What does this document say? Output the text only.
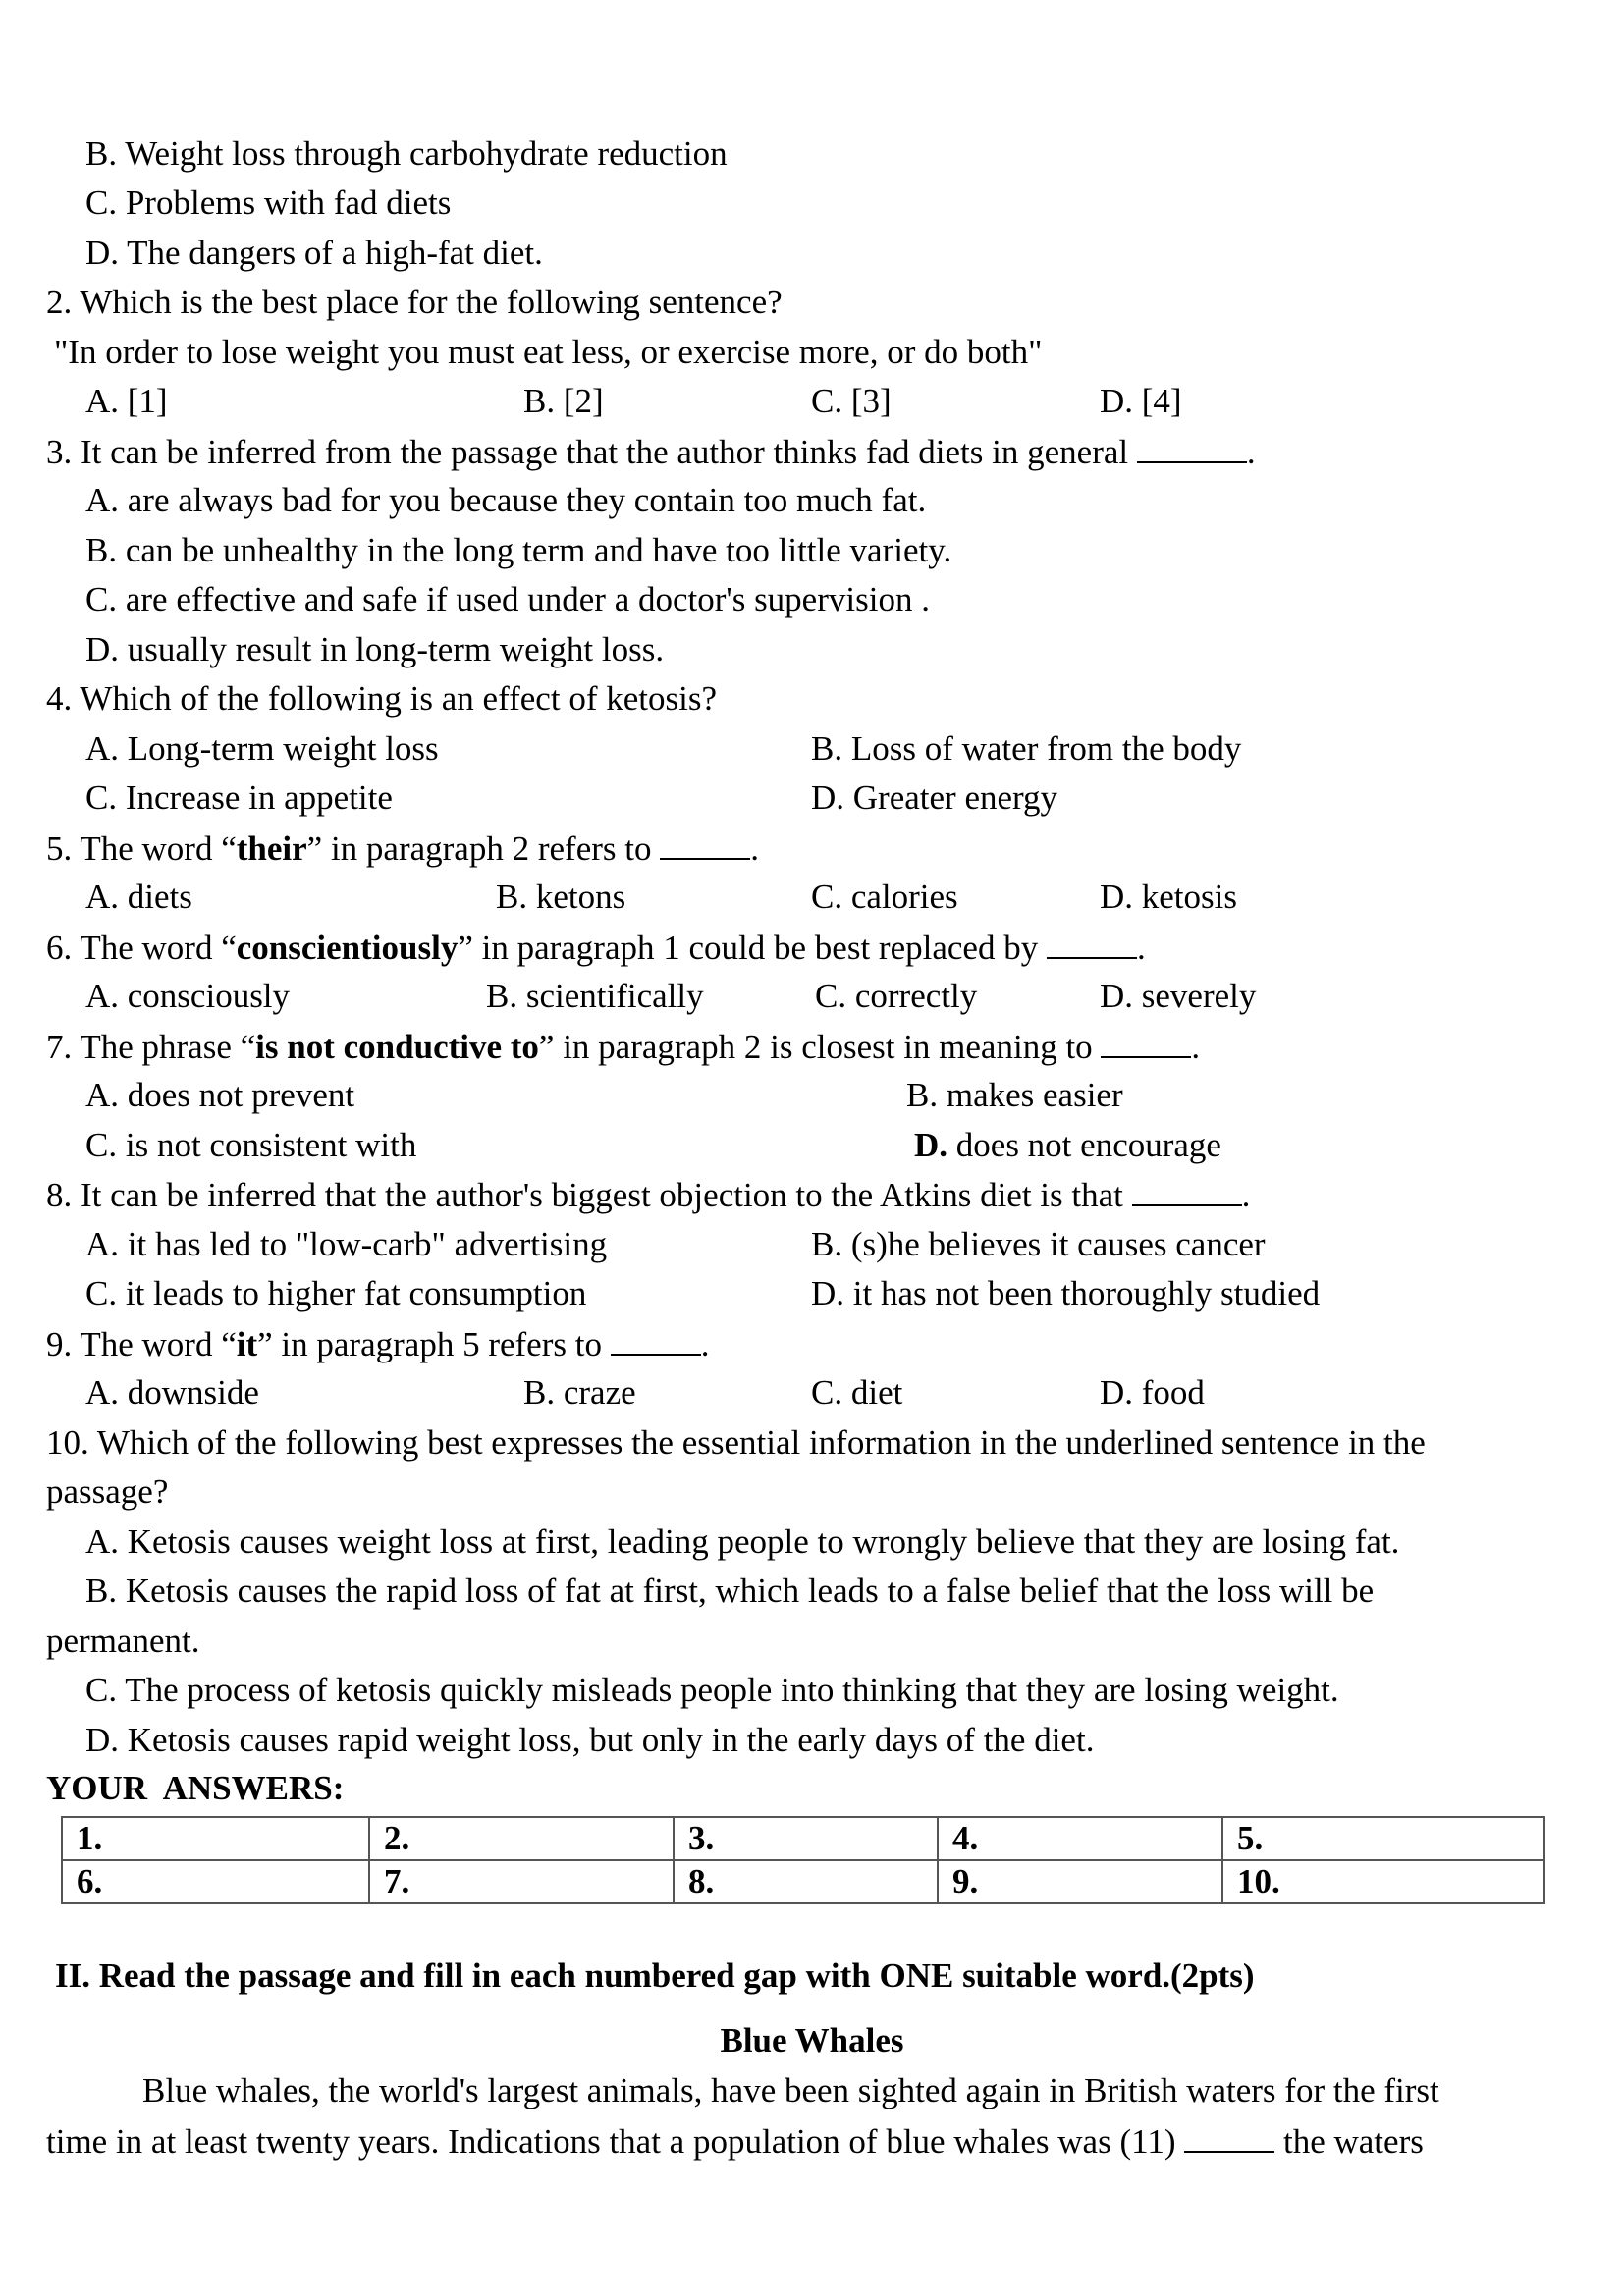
B. Weight loss through carbohydrate reduction
C. Problems with fad diets
D. The dangers of a high-fat diet.
2. Which is the best place for the following sentence?
"In order to lose weight you must eat less, or exercise more, or do both"
A. [1]	B. [2]	C. [3]	D. [4]
3. It can be inferred from the passage that the author thinks fad diets in general	.
A. are always bad for you because they contain too much fat.
B. can be unhealthy in the long term and have too little variety.
C. are effective and safe if used under a doctor's supervision .
D. usually result in long-term weight loss.
4. Which of the following is an effect of ketosis?
A. Long-term weight loss	B. Loss of water from the body
C. Increase in appetite	D. Greater energy
5. The word “their” in paragraph 2 refers to	.
A. diets	B. ketons	C. calories	D. ketosis
6. The word “conscientiously” in paragraph 1 could be best replaced by	.
A. consciously	B. scientifically	C. correctly	D. severely
7. The phrase “is not conductive to” in paragraph 2 is closest in meaning to	.
A. does not prevent	B. makes easier
C. is not consistent with	D. does not encourage
8. It can be inferred that the author's biggest objection to the Atkins diet is that	.
A. it has led to "low-carb" advertising	B. (s)he believes it causes cancer
C. it leads to higher fat consumption	D. it has not been thoroughly studied
9. The word “it” in paragraph 5 refers to	.
A. downside	B. craze	C. diet	D. food
10. Which of the following best expresses the essential information in the underlined sentence in the
passage?
A. Ketosis causes weight loss at first, leading people to wrongly believe that they are losing fat.
B. Ketosis causes the rapid loss of fat at first, which leads to a false belief that the loss will be
permanent.
C. The process of ketosis quickly misleads people into thinking that they are losing weight.
D. Ketosis causes rapid weight loss, but only in the early days of the diet.
YOUR  ANSWERS:
1.	2.	3.	4.	5.
6.	7.	8.	9.	10.
II. Read the passage and fill in each numbered gap with ONE suitable word.(2pts)
Blue Whales
Blue whales, the world's largest animals, have been sighted again in British waters for the first
time in at least twenty years. Indications that a population of blue whales was (11)	the waters
